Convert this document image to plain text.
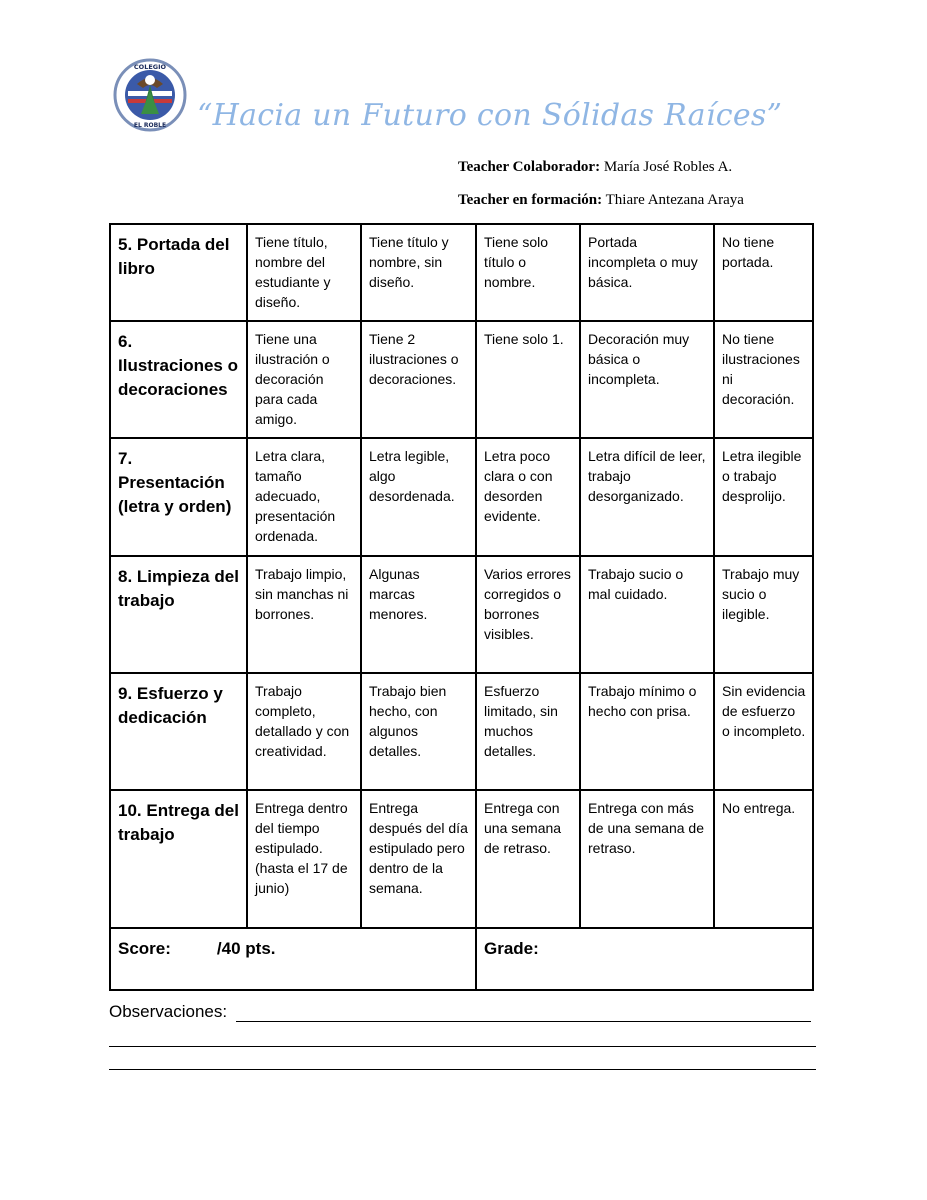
COLEGIO
EL ROBLE “Hacia un Futuro con Sólidas Raíces”
Teacher Colaborador: María José Robles A.
Teacher en formación: Thiare Antezana Araya
5. Portada del libro	Tiene título, nombre del estudiante y diseño.	Tiene título y nombre, sin diseño.	Tiene solo título o nombre.	Portada incompleta o muy básica.	No tiene portada.
6. Ilustraciones o decoraciones	Tiene una ilustración o decoración para cada amigo.	Tiene 2 ilustraciones o decoraciones.	Tiene solo 1.	Decoración muy básica o incompleta.	No tiene ilustraciones ni decoración.
7. Presentación (letra y orden)	Letra clara, tamaño adecuado, presentación ordenada.	Letra legible, algo desordenada.	Letra poco clara o con desorden evidente.	Letra difícil de leer, trabajo desorganizado.	Letra ilegible o trabajo desprolijo.
8. Limpieza del trabajo	Trabajo limpio, sin manchas ni borrones.	Algunas marcas menores.	Varios errores corregidos o borrones visibles.	Trabajo sucio o mal cuidado.	Trabajo muy sucio o ilegible.
9. Esfuerzo y dedicación	Trabajo completo, detallado y con creatividad.	Trabajo bien hecho, con algunos detalles.	Esfuerzo limitado, sin muchos detalles.	Trabajo mínimo o hecho con prisa.	Sin evidencia de esfuerzo o incompleto.
10. Entrega del trabajo	Entrega dentro del tiempo estipulado. (hasta el 17 de junio)	Entrega después del día estipulado pero dentro de la semana.	Entrega con una semana de retraso.	Entrega con más de una semana de retraso.	No entrega.
Score: /40 pts.			Grade:		
Observaciones:
